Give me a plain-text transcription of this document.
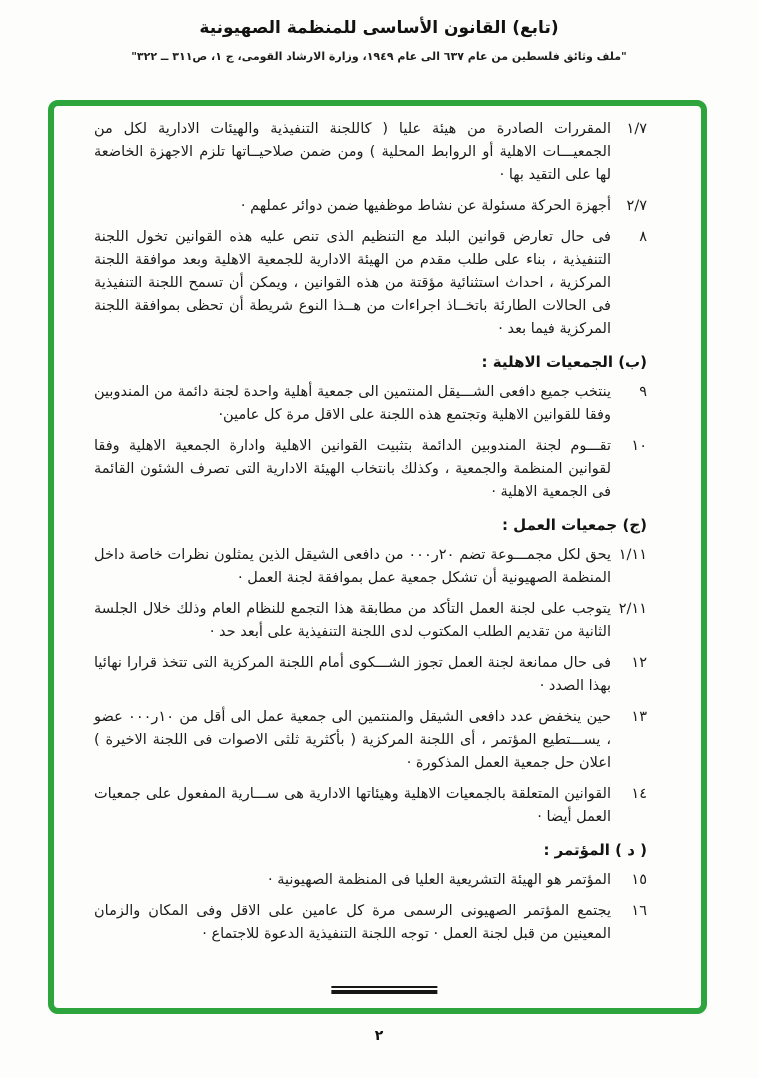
(تابع) القانون الأساسى للمنظمة الصهيونية
"ملف وثائق فلسطين من عام ٦٣٧ الى عام ١٩٤٩، وزارة الارشاد القومى، ج ١، ص٣١١ ــ ٣٢٢"
١/٧
المقررات الصادرة من هيئة عليا ( كاللجنة التنفيذية والهيئات الادارية لكل من الجمعيـــات الاهلية أو الروابط المحلية ) ومن ضمن صلاحيــاتها تلزم الاجهزة الخاضعة لها على التقيد بها ·
٢/٧
أجهزة الحركة مسئولة عن نشاط موظفيها ضمن دوائر عملهم ·
٨
فى حال تعارض قوانين البلد مع التنظيم الذى تنص عليه هذه القوانين تخول اللجنة التنفيذية ، بناء على طلب مقدم من الهيئة الادارية للجمعية الاهلية وبعد موافقة اللجنة المركزية ، احداث استثنائية مؤقتة من هذه القوانين ، ويمكن أن تسمح اللجنة التنفيذية فى الحالات الطارئة باتخــاذ اجراءات من هــذا النوع شريطة أن تحظى بموافقة اللجنة المركزية فيما بعد ·
(ب) الجمعيات الاهلية :
٩
ينتخب جميع دافعى الشـــيقل المنتمين الى جمعية أهلية واحدة لجنة دائمة من المندوبين وفقا للقوانين الاهلية وتجتمع هذه اللجنة على الاقل مرة كل عامين·
١٠
تقـــوم لجنة المندوبين الدائمة بتثبيت القوانين الاهلية وادارة الجمعية الاهلية وفقا لقوانين المنظمة والجمعية ، وكذلك بانتخاب الهيئة الادارية التى تصرف الشئون القائمة فى الجمعية الاهلية ·
(ج) جمعيات العمل :
١/١١
يحق لكل مجمـــوعة تضم ٢٠ر٠٠٠ من دافعى الشيقل الذين يمثلون نظرات خاصة داخل المنظمة الصهيونية أن تشكل جمعية عمل بموافقة لجنة العمل ·
٢/١١
يتوجب على لجنة العمل التأكد من مطابقة هذا التجمع للنظام العام وذلك خلال الجلسة الثانية من تقديم الطلب المكتوب لدى اللجنة التنفيذية على أبعد حد ·
١٢
فى حال ممانعة لجنة العمل تجوز الشـــكوى أمام اللجنة المركزية التى تتخذ قرارا نهائيا بهذا الصدد ·
١٣
حين ينخفض عدد دافعى الشيقل والمنتمين الى جمعية عمل الى أقل من ١٠ر٠٠٠ عضو ، يســـتطيع المؤتمر ، أى اللجنة المركزية ( بأكثرية ثلثى الاصوات فى اللجنة الاخيرة ) اعلان حل جمعية العمل المذكورة ·
١٤
القوانين المتعلقة بالجمعيات الاهلية وهيئاتها الادارية هى ســـارية المفعول على جمعيات العمل أيضا ·
( د ) المؤتمر :
١٥
المؤتمر هو الهيئة التشريعية العليا فى المنظمة الصهيونية ·
١٦
يجتمع المؤتمر الصهيونى الرسمى مرة كل عامين على الاقل وفى المكان والزمان المعينين من قبل لجنة العمل · توجه اللجنة التنفيذية الدعوة للاجتماع ·
٢
